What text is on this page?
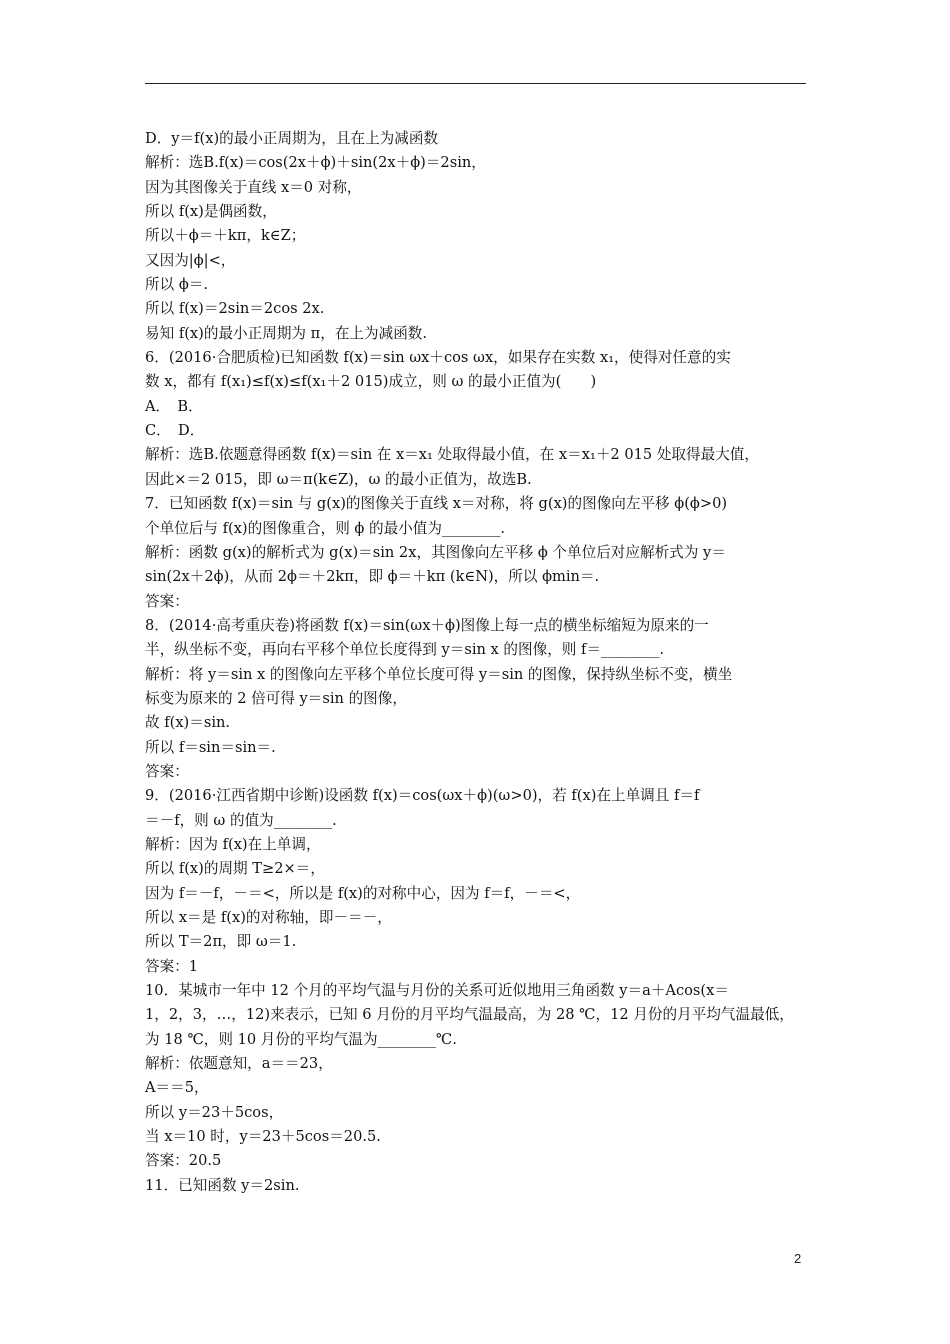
D．y＝f(x)的最小正周期为，且在上为减函数
解析：选B.f(x)＝cos(2x＋ϕ)＋sin(2x＋ϕ)＝2sin，
因为其图像关于直线 x＝0 对称，
所以 f(x)是偶函数，
所以＋ϕ＝＋kπ，k∈Z；
又因为|ϕ|<，
所以 ϕ＝.
所以 f(x)＝2sin＝2cos 2x.
易知 f(x)的最小正周期为 π，在上为减函数.
6．(2016·合肥质检)已知函数 f(x)＝sin ωx＋cos ωx，如果存在实数 x₁，使得对任意的实
数 x，都有 f(x₁)≤f(x)≤f(x₁＋2 015)成立，则 ω 的最小正值为(　　)
A．　B．
C．　D．
解析：选B.依题意得函数 f(x)＝sin 在 x＝x₁ 处取得最小值，在 x＝x₁＋2 015 处取得最大值，
因此×＝2 015，即 ω＝π(k∈Z)，ω 的最小正值为，故选B.
7．已知函数 f(x)＝sin 与 g(x)的图像关于直线 x＝对称，将 g(x)的图像向左平移 ϕ(ϕ>0)
个单位后与 f(x)的图像重合，则 ϕ 的最小值为________.
解析：函数 g(x)的解析式为 g(x)＝sin 2x，其图像向左平移 ϕ 个单位后对应解析式为 y＝
sin(2x＋2ϕ)，从而 2ϕ＝＋2kπ，即 ϕ＝＋kπ (k∈N)，所以 ϕmin＝.
答案：
8．(2014·高考重庆卷)将函数 f(x)＝sin(ωx＋ϕ)图像上每一点的横坐标缩短为原来的一
半，纵坐标不变，再向右平移个单位长度得到 y＝sin x 的图像，则 f＝________.
解析：将 y＝sin x 的图像向左平移个单位长度可得 y＝sin 的图像，保持纵坐标不变，横坐
标变为原来的 2 倍可得 y＝sin 的图像，
故 f(x)＝sin.
所以 f＝sin＝sin＝.
答案：
9．(2016·江西省期中诊断)设函数 f(x)＝cos(ωx＋ϕ)(ω>0)，若 f(x)在上单调且 f＝f
＝－f，则 ω 的值为________.
解析：因为 f(x)在上单调，
所以 f(x)的周期 T≥2×＝，
因为 f＝－f，－＝<，所以是 f(x)的对称中心，因为 f＝f，－＝<，
所以 x＝是 f(x)的对称轴，即－＝－，
所以 T＝2π，即 ω＝1.
答案：1
10．某城市一年中 12 个月的平均气温与月份的关系可近似地用三角函数 y＝a＋Acos(x＝
1，2，3，…，12)来表示，已知 6 月份的月平均气温最高，为 28 ℃，12 月份的月平均气温最低，
为 18 ℃，则 10 月份的平均气温为________℃.
解析：依题意知，a＝＝23，
A＝＝5，
所以 y＝23＋5cos，
当 x＝10 时，y＝23＋5cos＝20.5.
答案：20.5
11．已知函数 y＝2sin.
2
